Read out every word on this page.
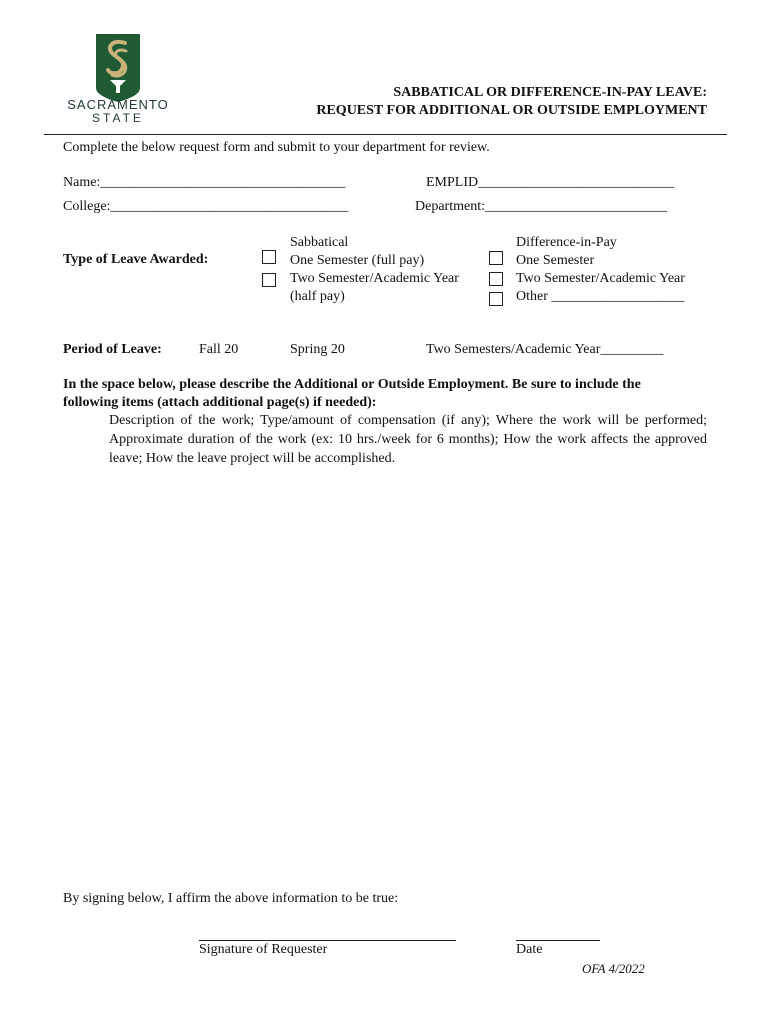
SACRAMENTO
STATE
SABBATICAL OR DIFFERENCE-IN-PAY LEAVE:
REQUEST FOR ADDITIONAL OR OUTSIDE EMPLOYMENT
Complete the below request form and submit to your department for review.
Name:___________________________________	EMPLID____________________________
College:__________________________________	Department:__________________________
Type of Leave Awarded:
Sabbatical
One Semester (full pay)
Two Semester/Academic Year
(half pay)
Difference-in-Pay
One Semester
Two Semester/Academic Year
Other ___________________
Period of Leave:	Fall 20	Spring 20	Two Semesters/Academic Year_________
In the space below, please describe the Additional or Outside Employment. Be sure to include the
following items (attach additional page(s) if needed):
Description of the work; Type/amount of compensation (if any); Where the work will be performed; Approximate duration of the work (ex: 10 hrs./week for 6 months); How the work affects the approved leave; How the leave project will be accomplished.
By signing below, I affirm the above information to be true:
Signature of Requester	Date
OFA 4/2022
